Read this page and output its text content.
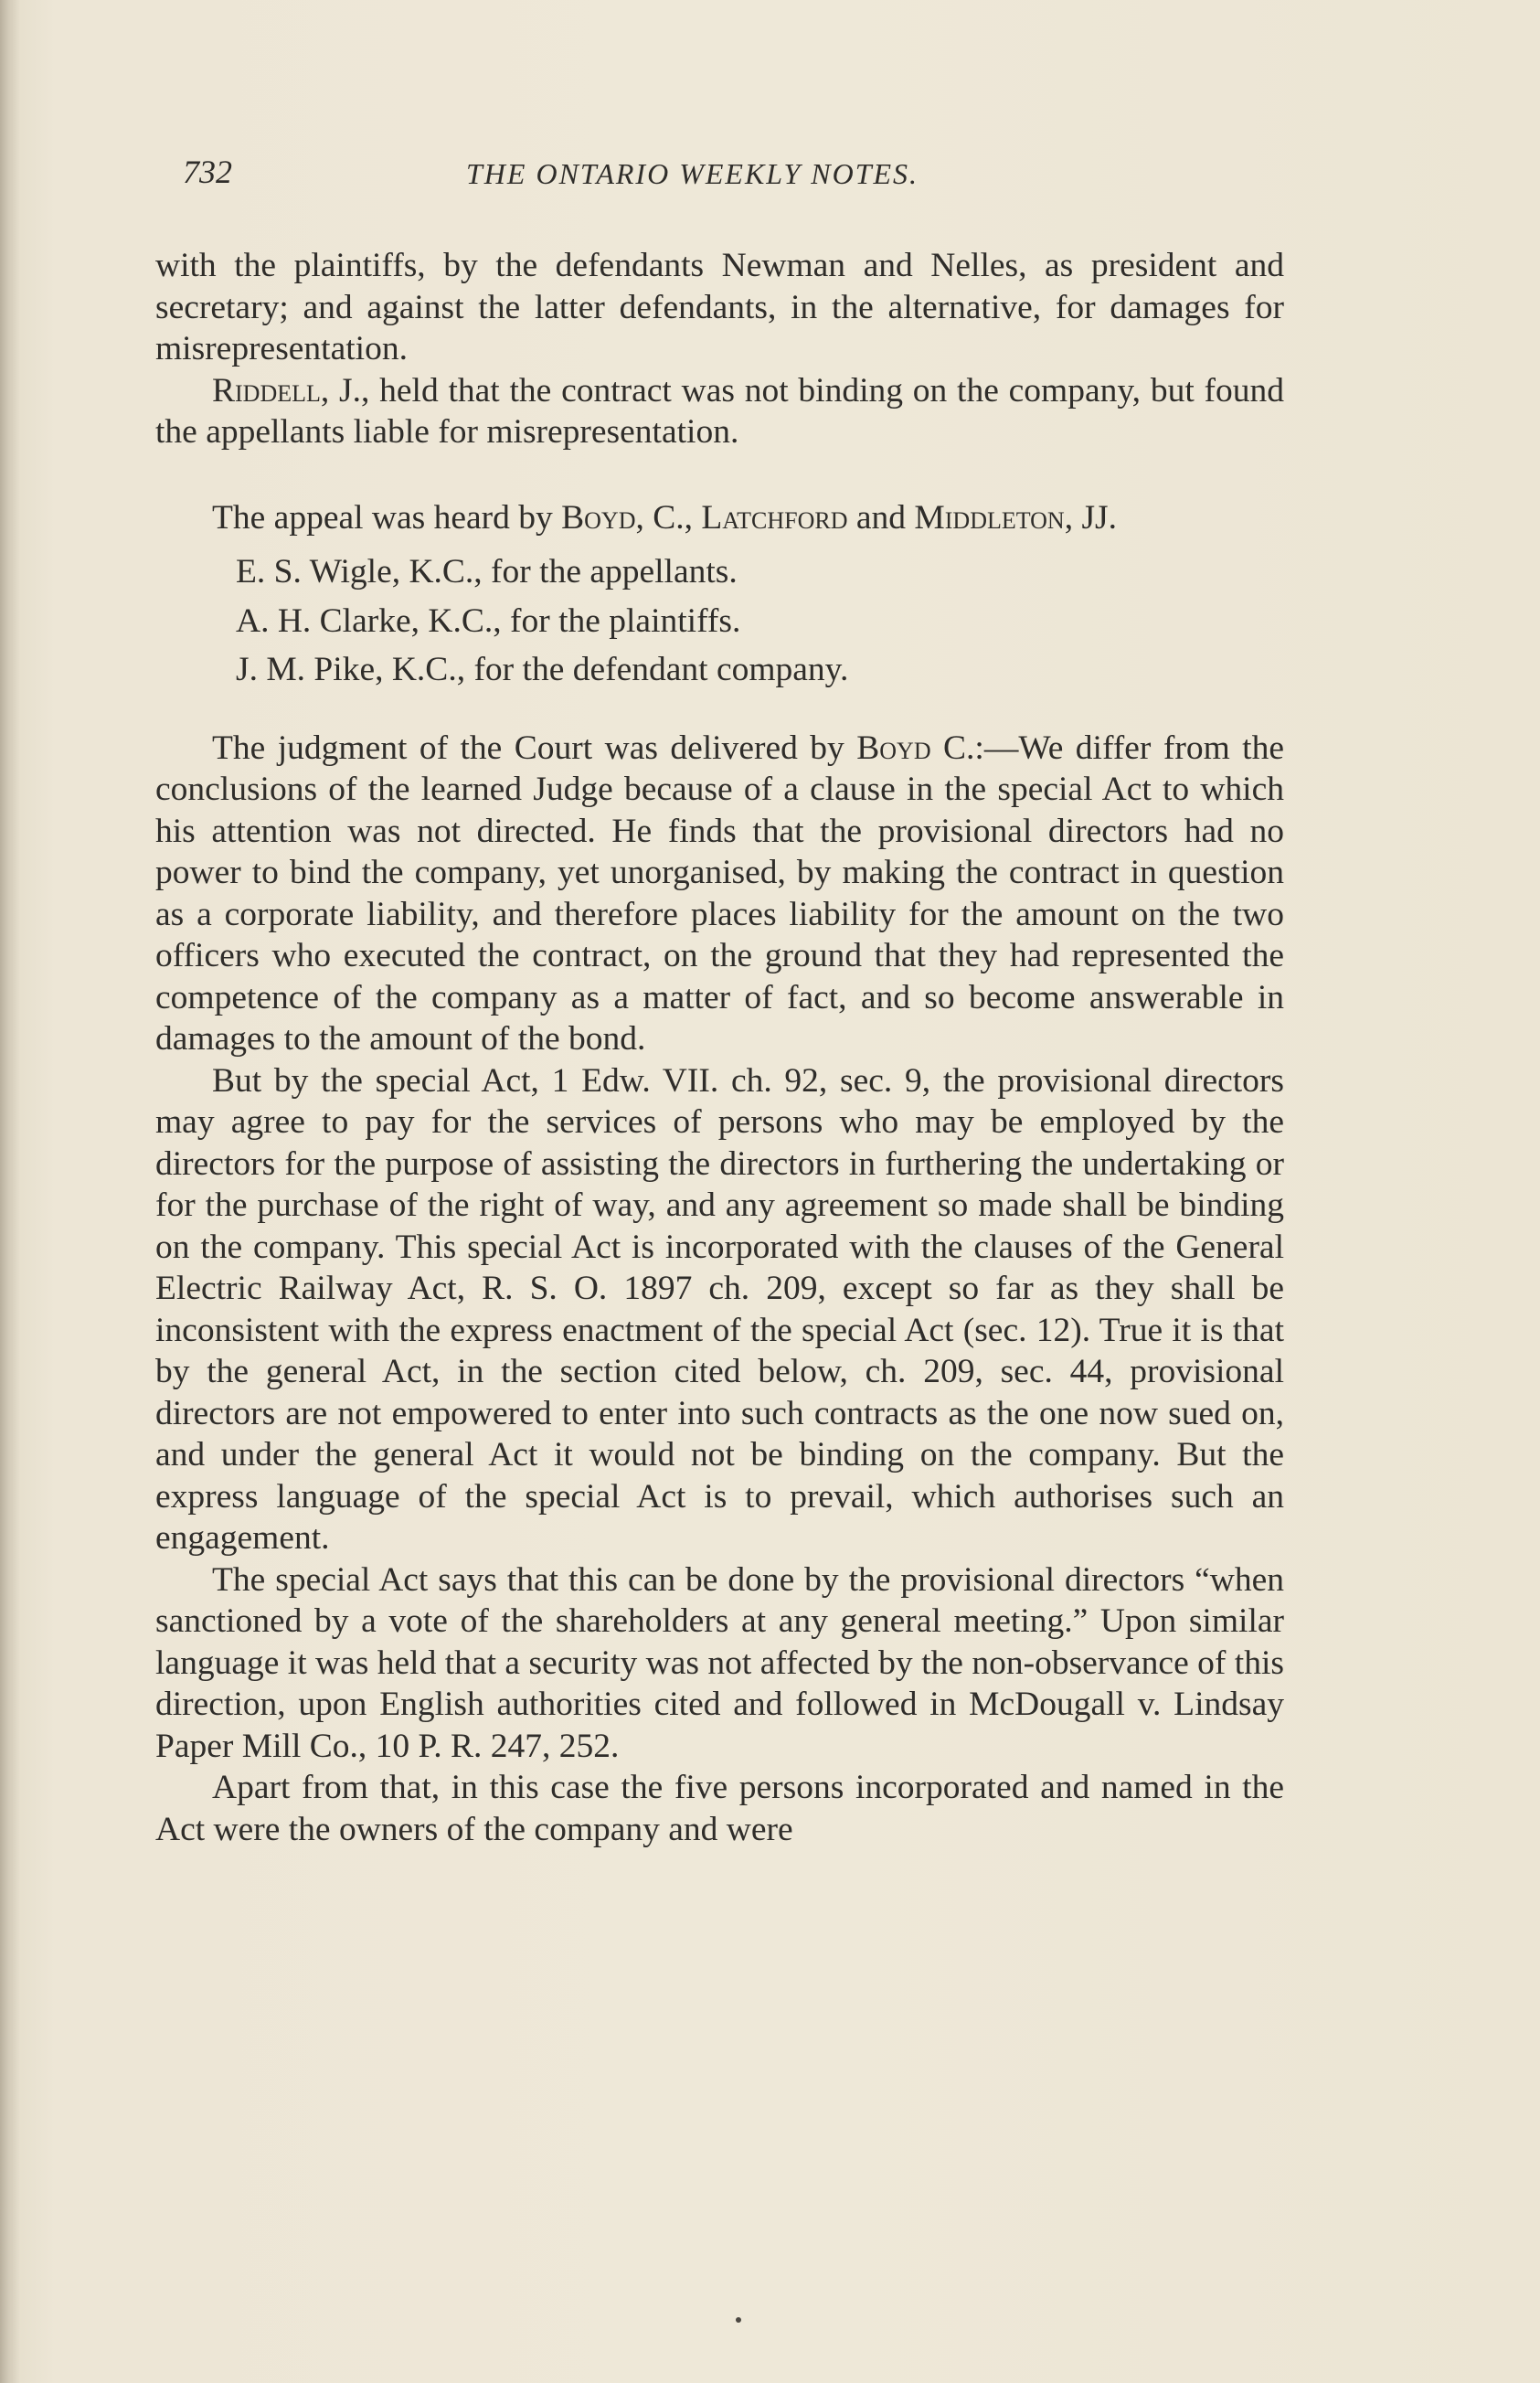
732	THE ONTARIO WEEKLY NOTES.

with the plaintiffs, by the defendants Newman and Nelles, as president and secretary; and against the latter defendants, in the alternative, for damages for misrepresentation.

Riddell, J., held that the contract was not binding on the company, but found the appellants liable for misrepresentation.

The appeal was heard by Boyd, C., Latchford and Middleton, JJ.

E. S. Wigle, K.C., for the appellants.
A. H. Clarke, K.C., for the plaintiffs.
J. M. Pike, K.C., for the defendant company.

The judgment of the Court was delivered by Boyd C.:—We differ from the conclusions of the learned Judge because of a clause in the special Act to which his attention was not directed. He finds that the provisional directors had no power to bind the company, yet unorganised, by making the contract in question as a corporate liability, and therefore places liability for the amount on the two officers who executed the contract, on the ground that they had represented the competence of the company as a matter of fact, and so become answerable in damages to the amount of the bond.

But by the special Act, 1 Edw. VII. ch. 92, sec. 9, the provisional directors may agree to pay for the services of persons who may be employed by the directors for the purpose of assisting the directors in furthering the undertaking or for the purchase of the right of way, and any agreement so made shall be binding on the company. This special Act is incorporated with the clauses of the General Electric Railway Act, R. S. O. 1897 ch. 209, except so far as they shall be inconsistent with the express enactment of the special Act (sec. 12). True it is that by the general Act, in the section cited below, ch. 209, sec. 44, provisional directors are not empowered to enter into such contracts as the one now sued on, and under the general Act it would not be binding on the company. But the express language of the special Act is to prevail, which authorises such an engagement.

The special Act says that this can be done by the provisional directors “when sanctioned by a vote of the shareholders at any general meeting.” Upon similar language it was held that a security was not affected by the non-observance of this direction, upon English authorities cited and followed in McDougall v. Lindsay Paper Mill Co., 10 P. R. 247, 252.

Apart from that, in this case the five persons incorporated and named in the Act were the owners of the company and were
